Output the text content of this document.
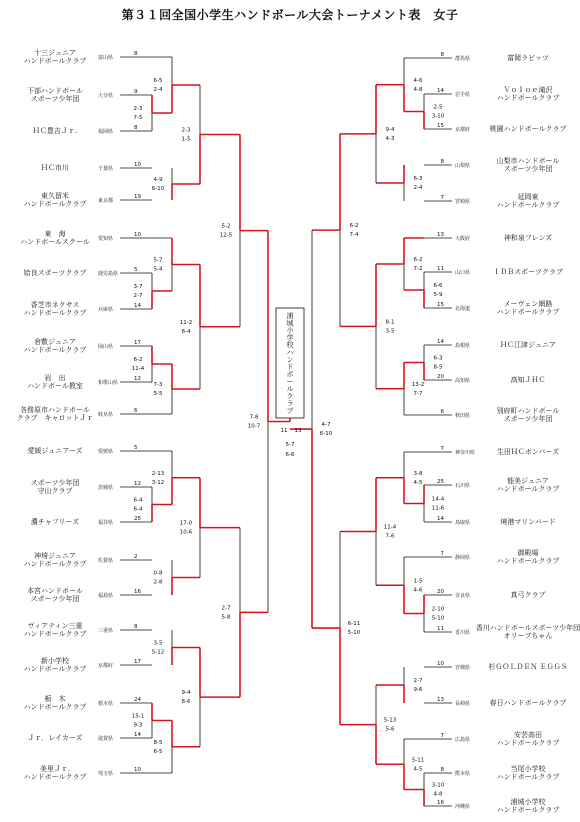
第３１回全国小学生ハンドボール大会トーナメント表　女子
十三ジュニア
ハンドボールクラブ 富山県
8
下部ハンドボール
スポーツ少年団	大分県
9
ＨＣ豊吉Ｊｒ.	福岡県
8
ＨＣ市川	千葉県
10
東久留米
ハンドボールクラブ 東京都
19
東　海
ハンドボールスクール 愛知県
10
姶良スポーツクラブ 鹿児島県
5
香芝市ネクサス
ハンドボールクラブ 兵庫県
14
倉敷ジュニア
ハンドボールクラブ 岡山県
17
岩　出
ハンドボール教室	和歌山県
12
各務原市ハンドボール
クラブ　キャロットＪｒ 岐阜県
6
愛媛ジュニアーズ	愛媛県
5
スポーツ少年団
守山クラブ	茨城県
12
濃チャフリーズ	福井県
25
神埼ジュニア
ハンドボールクラブ 佐賀県
2
本宮ハンドボール
スポーツ少年団	福島県
16
ヴィアティン三重
ハンドボールクラブ 三重県
8
新小学校
ハンドボールクラブ 京都府
17
栃　木
ハンドボールクラブ 栃木県
24
Ｊｒ．レイカーズ	滋賀県
14
美里Ｊｒ.
ハンドボールクラブ 埼玉県
10
富岡ラビッツ
群馬県
8
Ｖｏｌｏｅ滝沢
ハンドボールクラブ
岩手県
14
桃園ハンドボールクラブ
京都府
15
山梨市ハンドボール
スポーツ少年団
山梨県
8
延岡東
ハンドボールクラブ
宮崎県
7
神和泉フレンズ
大阪府
13
ＩＤＢスポーツクラブ
山口県
11
メーヴェン網路
ハンドボールクラブ
北海道
15
ＨＣ江津ジュニア
島根県
14
高知ＪＨＣ
高知県
20
別府町ハンドボール
スポーツ少年団
秋田県
6
生田ＨＣボンバーズ
神奈川県
7
能美ジュニア
ハンドボールクラブ
石川県
25
境港マリンバード
鳥取県
14
御殿場
ハンドボールクラブ
静岡県
7
真弓クラブ
奈良県
20
香川ハンドボールスポーツ少年団
オリーブちゃん
香川県
11
杉ＧＯＬＤＥＮ ＥＧＧＳ
宮城県
10
春日ハンドボールクラブ
長崎県
13
安芸高田
ハンドボールクラブ
広島県
7
当尾小学校
ハンドボールクラブ
熊本県
8
浦城小学校
ハンドボールクラブ
沖縄県
16
2-3
7-5
6-5
2-4
4-9
6-10
2-3
1-5
3-7
2-7
5-7
5-4
6-2
11-4
7-3
5-5
11-2
8-4
5-2
12-5
6-4
6-4
2-13
3-12
0-8
2-8
17-0
10-6
3-5
5-12
15-1
9-3
8-5
6-5
9-4
8-6
2-7
5-8
7-8
10-7
2-5
3-10
4-6
4-8
6-3
2-4
9-4
4-3
6-6
5-9
6-2
7-2
6-3
8-5
13-2
7-7
8-1
3-5
6-2
7-4
14-4
11-6
3-8
4-5
2-10
5-10
1-5
4-6
11-4
7-6
2-7
9-6
3-10
4-8
5-11
4-5
5-13
5-6
6-11
5-10
4-7
6-10
浦
城
小
学
校
ハ
ン
ド
ボ
ー
ル
ク
ラ
ブ
11 13
5-7
6-6
